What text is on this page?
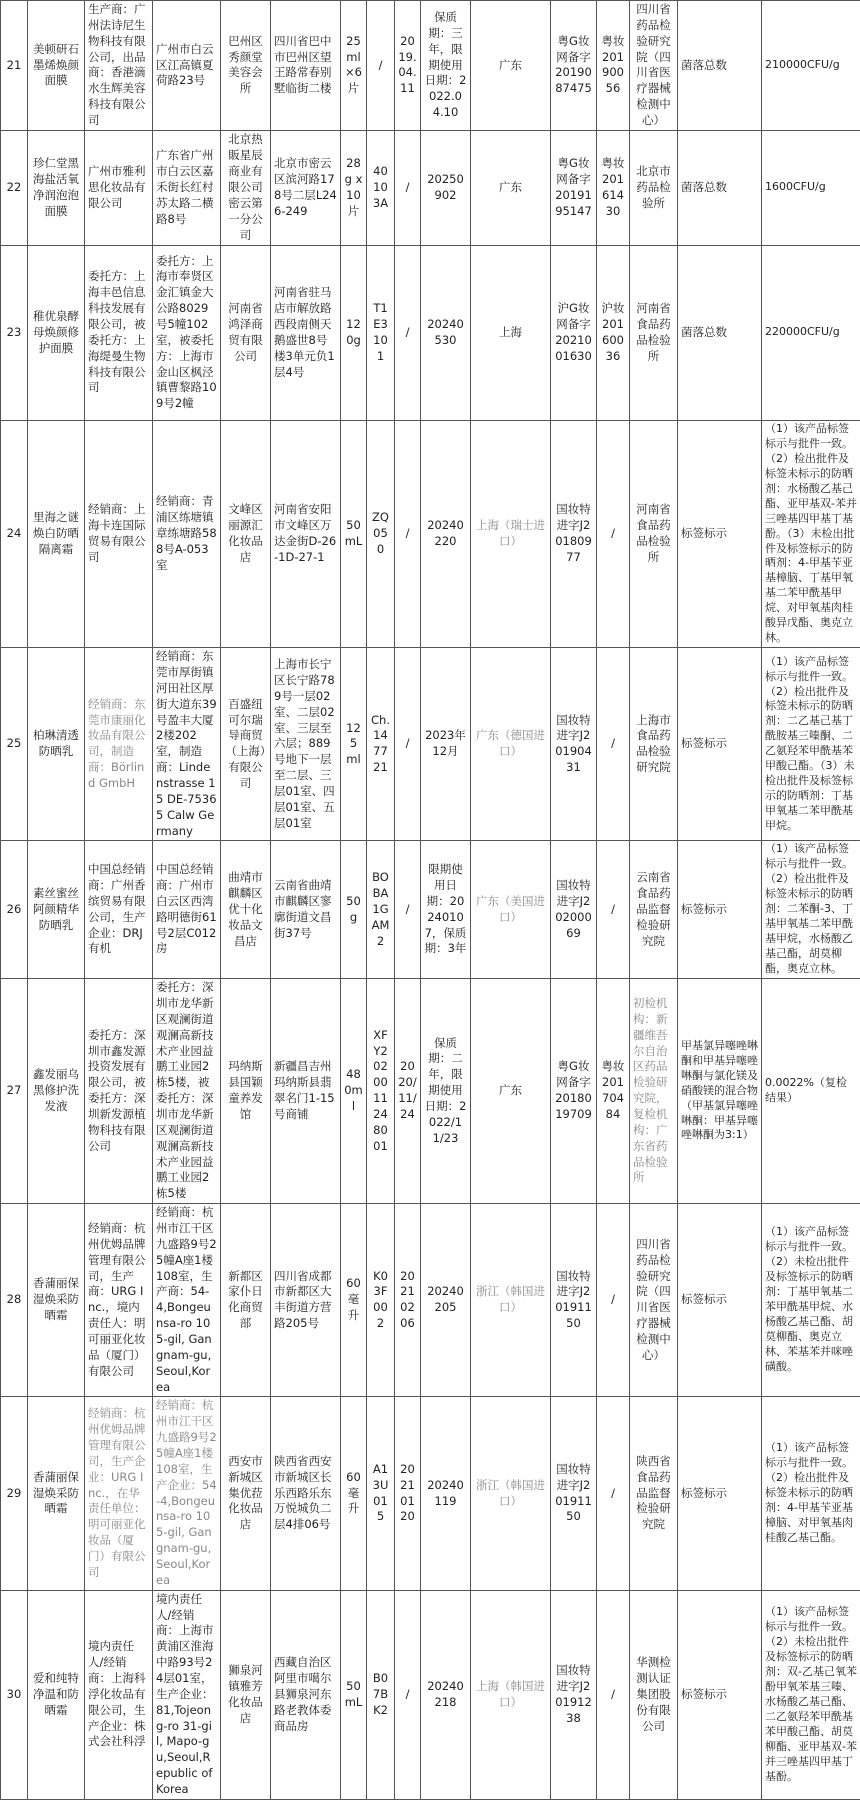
21	美顿研石墨烯焕颜面膜	生产商：广州法诗尼生物科技有限公司，出品商：香港滴水生辉美容科技有限公司	广州市白云区江高镇夏荷路23号	巴州区秀颜堂美容会所	四川省巴中市巴州区望王路常春别墅临街二楼	25ml×6片	/	2019.04.11	保质期：三年，限期使用日期：2022.04.10	广东	粤G妆网备字2019087475	粤妆20190056	四川省药品检验研究院（四川省医疗器械检测中心）	菌落总数	210000CFU/g
22	珍仁堂黑海盐活氧净润泡泡面膜	广州市雅利思化妆品有限公司	广东省广州市白云区嘉禾街长红村苏太路二横路8号	北京热販星辰商业有限公司密云第一分公司	北京市密云区滨河路178号二层L246-249	28g x10片	4010 3A	/	20250902	广东	粤G妆网备字2019195147	粤妆20161430	北京市药品检验所	菌落总数	1600CFU/g
23	稚优泉酵母焕颜修护面膜	委托方：上海丰邑信息科技发展有限公司，被委托方：上海缇曼生物科技有限公司	委托方：上海市奉贤区金汇镇金大公路8029号5幢102室，被委托方：上海市金山区枫泾镇曹黎路109号2幢	河南省鸿泽商贸有限公司	河南省驻马店市解放路西段南侧天鹅盛世8号楼3单元负1层4号	120g	T1E3101	/	20240530	上海	沪G妆网备字2021001630	沪妆20160036	河南省食品药品检验所	菌落总数	220000CFU/g
24	里海之谜焕白防晒隔离霜	经销商：上海卡连国际贸易有限公司	经销商：青浦区练塘镇章练塘路588号A-053室	文峰区丽源汇化妆品店	河南省安阳市文峰区万达金街D-26-1D-27-1	50 mL	ZQ050	/	20240220	上海（瑞士进口）	国妆特进字J20180977	/	河南省食品药品检验所	标签标示	（1）该产品标签标示与批件一致。（2）检出批件及标签未标示的防晒剂：水杨酸乙基己酯、亚甲基双-苯并三唑基四甲基丁基酚。（3）未检出批件及标签标示的防晒剂：4-甲基苄亚基樟脑、丁基甲氧基二苯甲酰基甲烷、对甲氧基肉桂酸异戊酯、奥克立林。
25	柏琳清透防晒乳	经销商：东莞市康丽化妆品有限公司，制造商：Börlind GmbH	经销商：东莞市厚街镇河田社区厚街大道东39号盈丰大厦2楼202室，制造商：Lindenstrasse 15 DE-75365 Calw Germany	百盛纽可尔瑞导商贸（上海）有限公司	上海市长宁区长宁路789号一层02室、二层02室、三层至六层；889号地下一层至二层、三层01室、四层01室、五层01室	125 ml	Ch.147721	/	2023年12月	广东（德国进口）	国妆特进字J20190431	/	上海市食品药品检验研究院	标签标示	（1）该产品标签标示与批件一致。（2）检出批件及标签未标示的防晒剂：二乙基己基丁酰胺基三嗪酮、二乙氨羟苯甲酰基苯甲酸己酯。（3）未检出批件及标签标示的防晒剂：丁基甲氧基二苯甲酰基甲烷。
26	素丝蜜丝阿颜精华防晒乳	中国总经销商：广州香缤贸易有限公司，生产企业：DRJ有机	中国总经销商：广州市白云区西湾路明德街61号2层C012房	曲靖市麒麟区优十化妆品文昌店	云南省曲靖市麒麟区寥廓街道文昌街37号	50g	BOBA1GAM2	/	限期使用日期：20240107，保质期：3年	广东（美国进口）	国妆特进字J20200069	/	云南省食品药品监督检验研究院	标签标示	（1）该产品标签标示与批件一致。（2）检出批件及标签未标示的防晒剂：二苯酮-3、丁基甲氧基二苯甲酰基甲烷，水杨酸乙基己酯，胡莫柳酯，奥克立林。
27	鑫发丽乌黑修护洗发液	委托方：深圳市鑫发源投资发展有限公司，被委托方：深圳新发源植物科技有限公司	委托方：深圳市龙华新区观澜街道观澜高新技术产业园益鹏工业园2栋5楼，被委托方：深圳市龙华新区观澜街道观澜高新技术产业园益鹏工业园2栋5楼	玛纳斯县国颖童养发馆	新疆昌吉州玛纳斯县翡翠名门1-15号商铺	480ml	XFY2020011248001	2020/11/24	保质期：二年，限期使用日期：2022/11/23	广东	粤G妆网备字2018019709	粤妆20170484	初检机构：新疆维吾尔自治区药品检验研究院，复检机构：广东省药品检验所	甲基氯异噻唑啉酮和甲基异噻唑啉酮与氯化镁及硝酸镁的混合物（甲基氯异噻唑啉酮：甲基异噻唑啉酮为3:1）	0.0022%（复检结果）
28	香蒲丽保湿焕采防晒霜	经销商：杭州优姆品牌管理有限公司，生产商：URG Inc.，境内责任人：明可丽亚化妆品（厦门）有限公司	经销商：杭州市江干区九盛路9号25幢A座1楼108室，生产商：54-4,Bongeunsa-ro 105-gil, Gangnam-gu,Seoul,Korea	新都区家仆日化商贸部	四川省成都市新都区大丰街道方营路205号	60毫升	K03F002	20210206	20240205	浙江（韩国进口）	国妆特进字J20191150	/	四川省药品检验研究院（四川省医疗器械检测中心）	标签标示	（1）该产品标签标示与批件一致。（2）未检出批件及标签标示的防晒剂：丁基甲氧基二苯甲酰基甲烷、水杨酸乙基己酯、胡莫柳酯、奥克立林、苯基苯并咪唑磺酸。
29	香蒲丽保湿焕采防晒霜	经销商：杭州优姆品牌管理有限公司，生产企业：URG Inc.，在华责任单位：明可丽亚化妆品（厦门）有限公司	经销商：杭州市江干区九盛路9号25幢A座1楼108室，生产企业：54-4,Bongeunsa-ro 105-gil, Gangnam-gu,Seoul,Korea	西安市新城区集优菈化妆品店	陕西省西安市新城区长乐西路乐东万悦城负二层4排06号	60毫升	A13U015	20210120	20240119	浙江（韩国进口）	国妆特进字J20191150	/	陕西省食品药品监督检验研究院	标签标示	（1）该产品标签标示与批件一致。（2）检出批件及标签未标示的防晒剂：4-甲基苄亚基樟脑、对甲氧基肉桂酸乙基己酯。
30	爱和纯特净温和防晒霜	境内责任人/经销商：上海科浮化妆品有限公司，生产企业：株式会社科浮	境内责任人/经销商：上海市黄浦区淮海中路93号24层01室，生产企业：81,Tojeong-ro 31-gil, Mapo-gu,Seoul,Republic of Korea	狮泉河镇雅芳化妆品店	西藏自治区阿里市噶尔县狮泉河东路老教体委商品房	50 mL	B07BK2	/	20240218	上海（韩国进口）	国妆特进字J20191238	/	华测检测认证集团股份有限公司	标签标示	（1）该产品标签标示与批件一致。（2）未检出批件及标签标示的防晒剂：双-乙基己氧苯酚甲氧苯基三嗪、水杨酸乙基己酯、二乙氨羟苯甲酰基苯甲酸己酯、胡莫柳酯、亚甲基双-苯并三唑基四甲基丁基酚。
